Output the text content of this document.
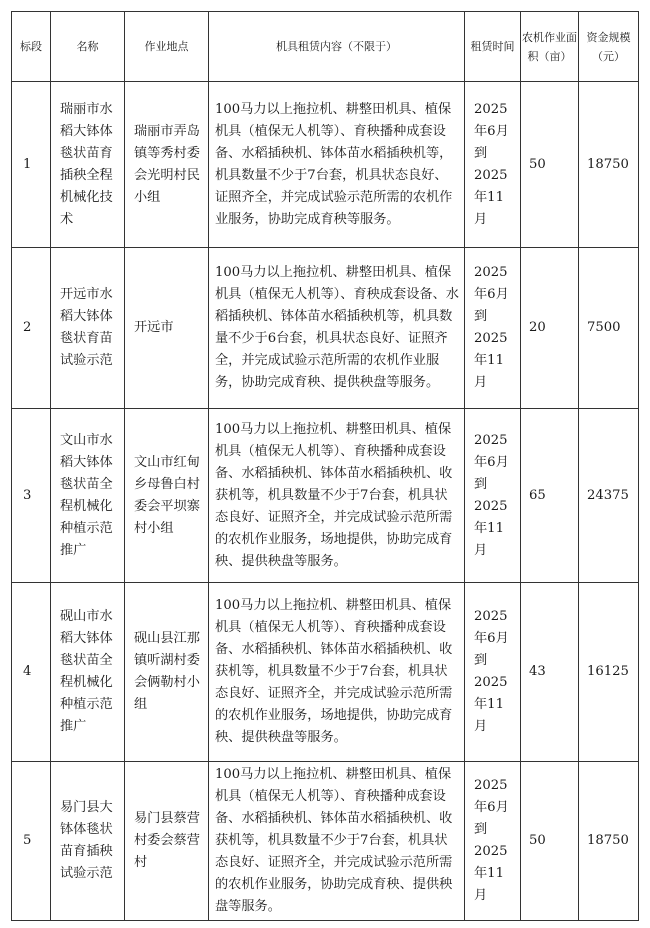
标段	名称	作业地点	机具租赁内容（不限于）	租赁时间	农机作业面积（亩）	资金规模（元）
1	瑞丽市水稻大钵体毯状苗育插秧全程机械化技术	瑞丽市弄岛镇等秀村委会光明村民小组	100马力以上拖拉机、耕整田机具、植保机具（植保无人机等）、育秧播种成套设备、水稻插秧机、钵体苗水稻插秧机等，机具数量不少于7台套，机具状态良好、证照齐全，并完成试验示范所需的农机作业服务，协助完成育秧等服务。	2025年6月到2025年11月	50	18750
2	开远市水稻大钵体毯状育苗试验示范	开远市	100马力以上拖拉机、耕整田机具、植保机具（植保无人机等）、育秧成套设备、水稻插秧机、钵体苗水稻插秧机等，机具数量不少于6台套，机具状态良好、证照齐全，并完成试验示范所需的农机作业服务，协助完成育秧、提供秧盘等服务。	2025年6月到2025年11月	20	7500
3	文山市水稻大钵体毯状苗全程机械化种植示范推广	文山市红甸乡母鲁白村委会平坝寨村小组	100马力以上拖拉机、耕整田机具、植保机具（植保无人机等）、育秧播种成套设备、水稻插秧机、钵体苗水稻插秧机、收获机等，机具数量不少于7台套，机具状态良好、证照齐全，并完成试验示范所需的农机作业服务，场地提供，协助完成育秧、提供秧盘等服务。	2025年6月到2025年11月	65	24375
4	砚山市水稻大钵体毯状苗全程机械化种植示范推广	砚山县江那镇听湖村委会俩勒村小组	100马力以上拖拉机、耕整田机具、植保机具（植保无人机等）、育秧播种成套设备、水稻插秧机、钵体苗水稻插秧机、收获机等，机具数量不少于7台套，机具状态良好、证照齐全，并完成试验示范所需的农机作业服务，场地提供，协助完成育秧、提供秧盘等服务。	2025年6月到2025年11月	43	16125
5	易门县大钵体毯状苗育插秧试验示范	易门县蔡营村委会蔡营村	100马力以上拖拉机、耕整田机具、植保机具（植保无人机等）、育秧播种成套设备、水稻插秧机、钵体苗水稻插秧机、收获机等，机具数量不少于7台套，机具状态良好、证照齐全，并完成试验示范所需的农机作业服务，协助完成育秧、提供秧盘等服务。	2025年6月到2025年11月	50	18750
